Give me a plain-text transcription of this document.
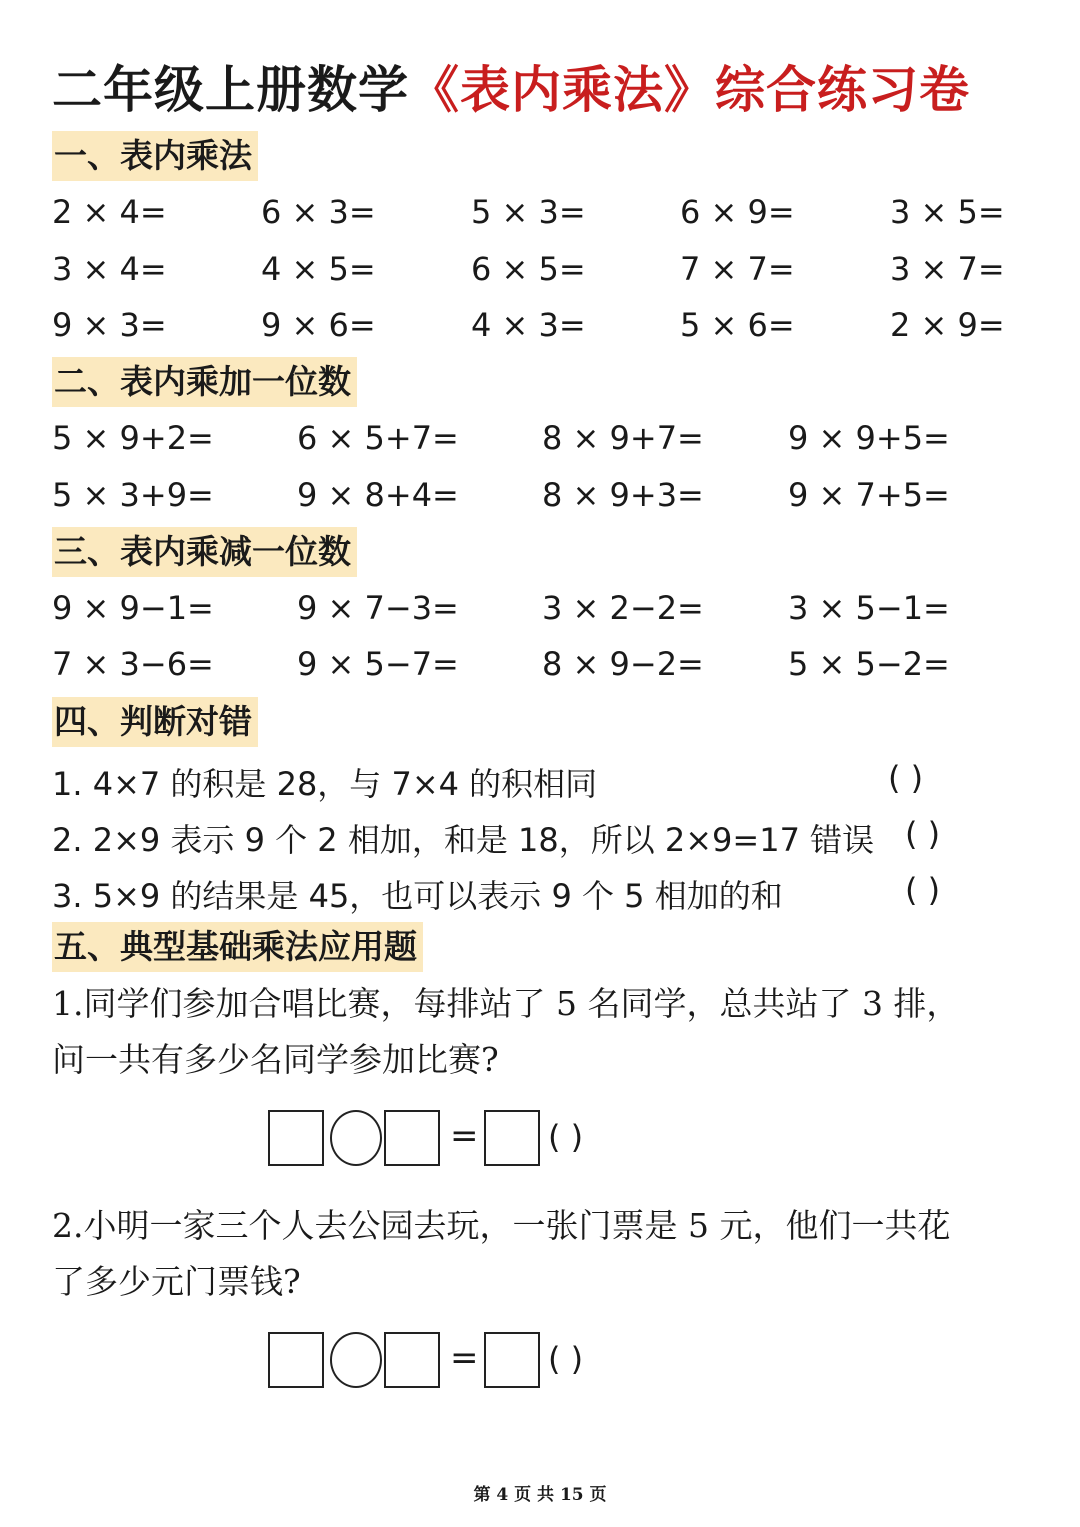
二年级上册数学《表内乘法》综合练习卷
一、表内乘法
2 × 4=	6 × 3=	5 × 3=	6 × 9=	3 × 5=
3 × 4=	4 × 5=	6 × 5=	7 × 7=	3 × 7=
9 × 3=	9 × 6=	4 × 3=	5 × 6=	2 × 9=
二、表内乘加一位数
5 × 9+2=	6 × 5+7=	8 × 9+7=	9 × 9+5=
5 × 3+9=	9 × 8+4=	8 × 9+3=	9 × 7+5=
三、表内乘减一位数
9 × 9−1=	9 × 7−3=	3 × 2−2=	3 × 5−1=
7 × 3−6=	9 × 5−7=	8 × 9−2=	5 × 5−2=
四、判断对错
1. 4×7 的积是 28，与 7×4 的积相同	( )
2. 2×9 表示 9 个 2 相加，和是 18，所以 2×9=17 错误 ( )
3. 5×9 的结果是 45，也可以表示 9 个 5 相加的和	( )
五、典型基础乘法应用题
1.同学们参加合唱比赛，每排站了 5 名同学，总共站了 3 排，
问一共有多少名同学参加比赛?
= ( )
2.小明一家三个人去公园去玩，一张门票是 5 元，他们一共花
了多少元门票钱?
= ( )
第 4 页 共 15 页
